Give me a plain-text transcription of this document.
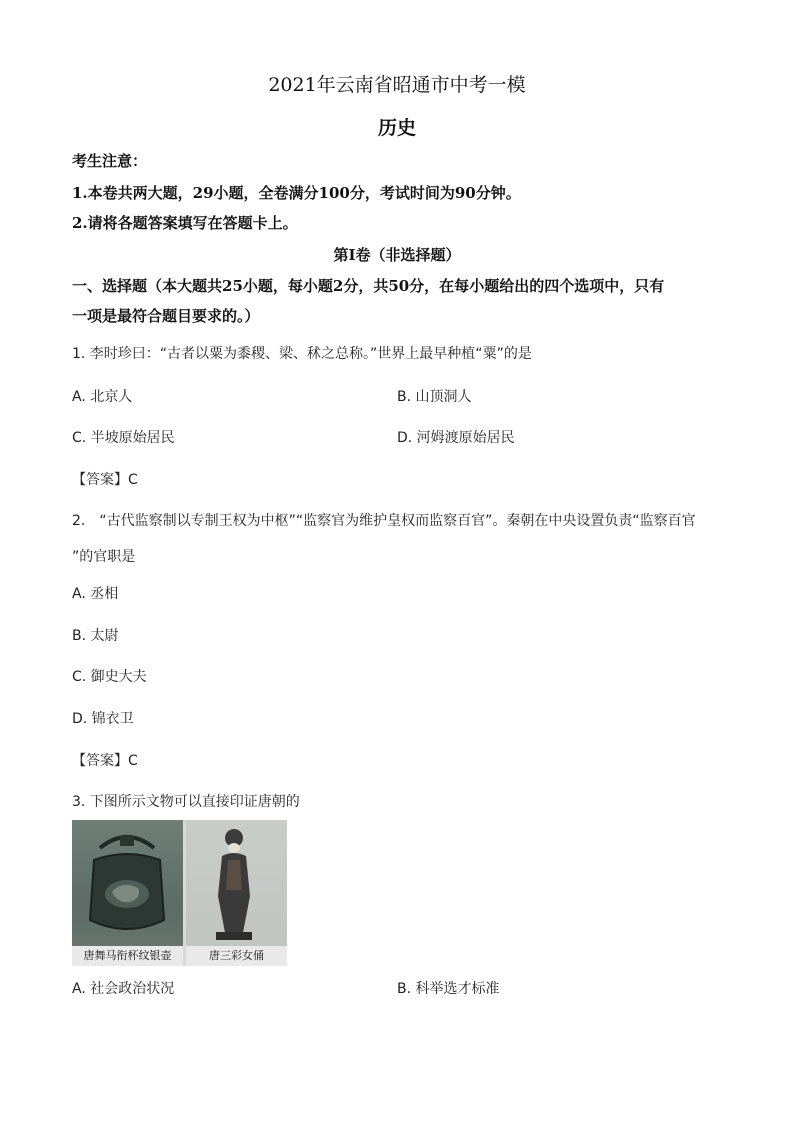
2021年云南省昭通市中考一模
历史
考生注意：
1.本卷共两大题，29小题，全卷满分100分，考试时间为90分钟。
2.请将各题答案填写在答题卡上。
第Ⅰ卷（非选择题）
一、选择题（本大题共25小题，每小题2分，共50分，在每小题给出的四个选项中，只有
一项是最符合题目要求的。）
1. 李时珍曰：“古者以粟为黍稷、梁、秫之总称。”世界上最早种植“粟”的是
A. 北京人	B. 山顶洞人
C. 半坡原始居民	D. 河姆渡原始居民
【答案】C
2.　“古代监察制以专制王权为中枢”“监察官为维护皇权而监察百官”。秦朝在中央设置负责“监察百官
”的官职是
A. 丞相
B. 太尉
C. 御史大夫
D. 锦衣卫
【答案】C
3. 下图所示文物可以直接印证唐朝的
唐舞马衔杯纹银壶	唐三彩女俑
A. 社会政治状况	B. 科举选才标准
